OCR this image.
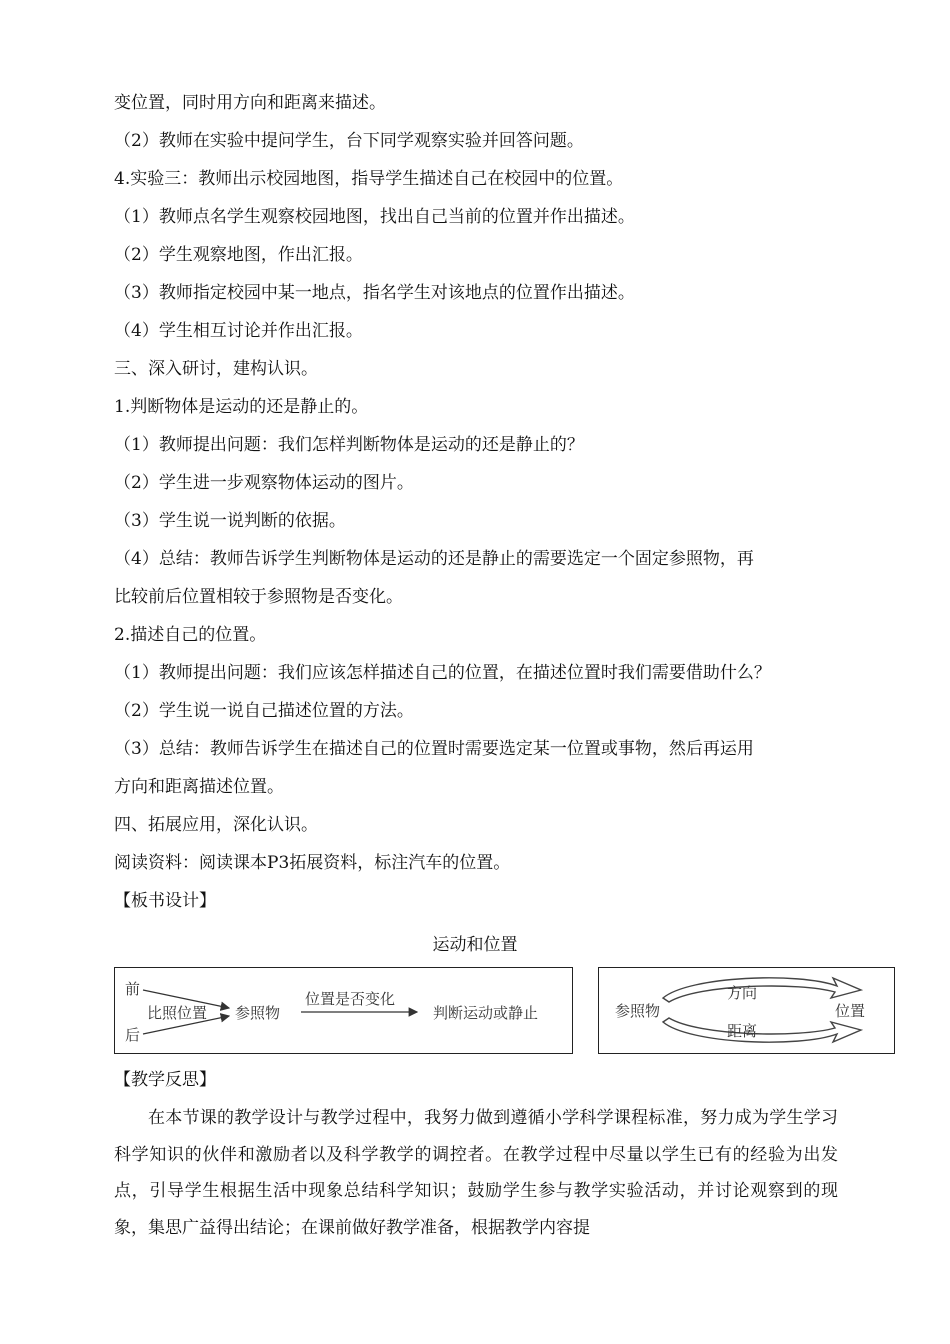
变位置，同时用方向和距离来描述。
（2）教师在实验中提问学生，台下同学观察实验并回答问题。
4.实验三：教师出示校园地图，指导学生描述自己在校园中的位置。
（1）教师点名学生观察校园地图，找出自己当前的位置并作出描述。
（2）学生观察地图，作出汇报。
（3）教师指定校园中某一地点，指名学生对该地点的位置作出描述。
（4）学生相互讨论并作出汇报。
三、深入研讨，建构认识。
1.判断物体是运动的还是静止的。
（1）教师提出问题：我们怎样判断物体是运动的还是静止的？
（2）学生进一步观察物体运动的图片。
（3）学生说一说判断的依据。
（4）总结：教师告诉学生判断物体是运动的还是静止的需要选定一个固定参照物，再
比较前后位置相较于参照物是否变化。
2.描述自己的位置。
（1）教师提出问题：我们应该怎样描述自己的位置，在描述位置时我们需要借助什么？
（2）学生说一说自己描述位置的方法。
（3）总结：教师告诉学生在描述自己的位置时需要选定某一位置或事物，然后再运用
方向和距离描述位置。
四、拓展应用，深化认识。
阅读资料：阅读课本P3拓展资料，标注汽车的位置。
【板书设计】
运动和位置
前
后
比照位置 参照物
位置是否变化
判断运动或静止	参照物
方向
距离
位置
【教学反思】
在本节课的教学设计与教学过程中，我努力做到遵循小学科学课程标准，努力成为学生学习科学知识的伙伴和激励者以及科学教学的调控者。在教学过程中尽量以学生已有的经验为出发点，引导学生根据生活中现象总结科学知识；鼓励学生参与教学实验活动，并讨论观察到的现象，集思广益得出结论；在课前做好教学准备，根据教学内容提
